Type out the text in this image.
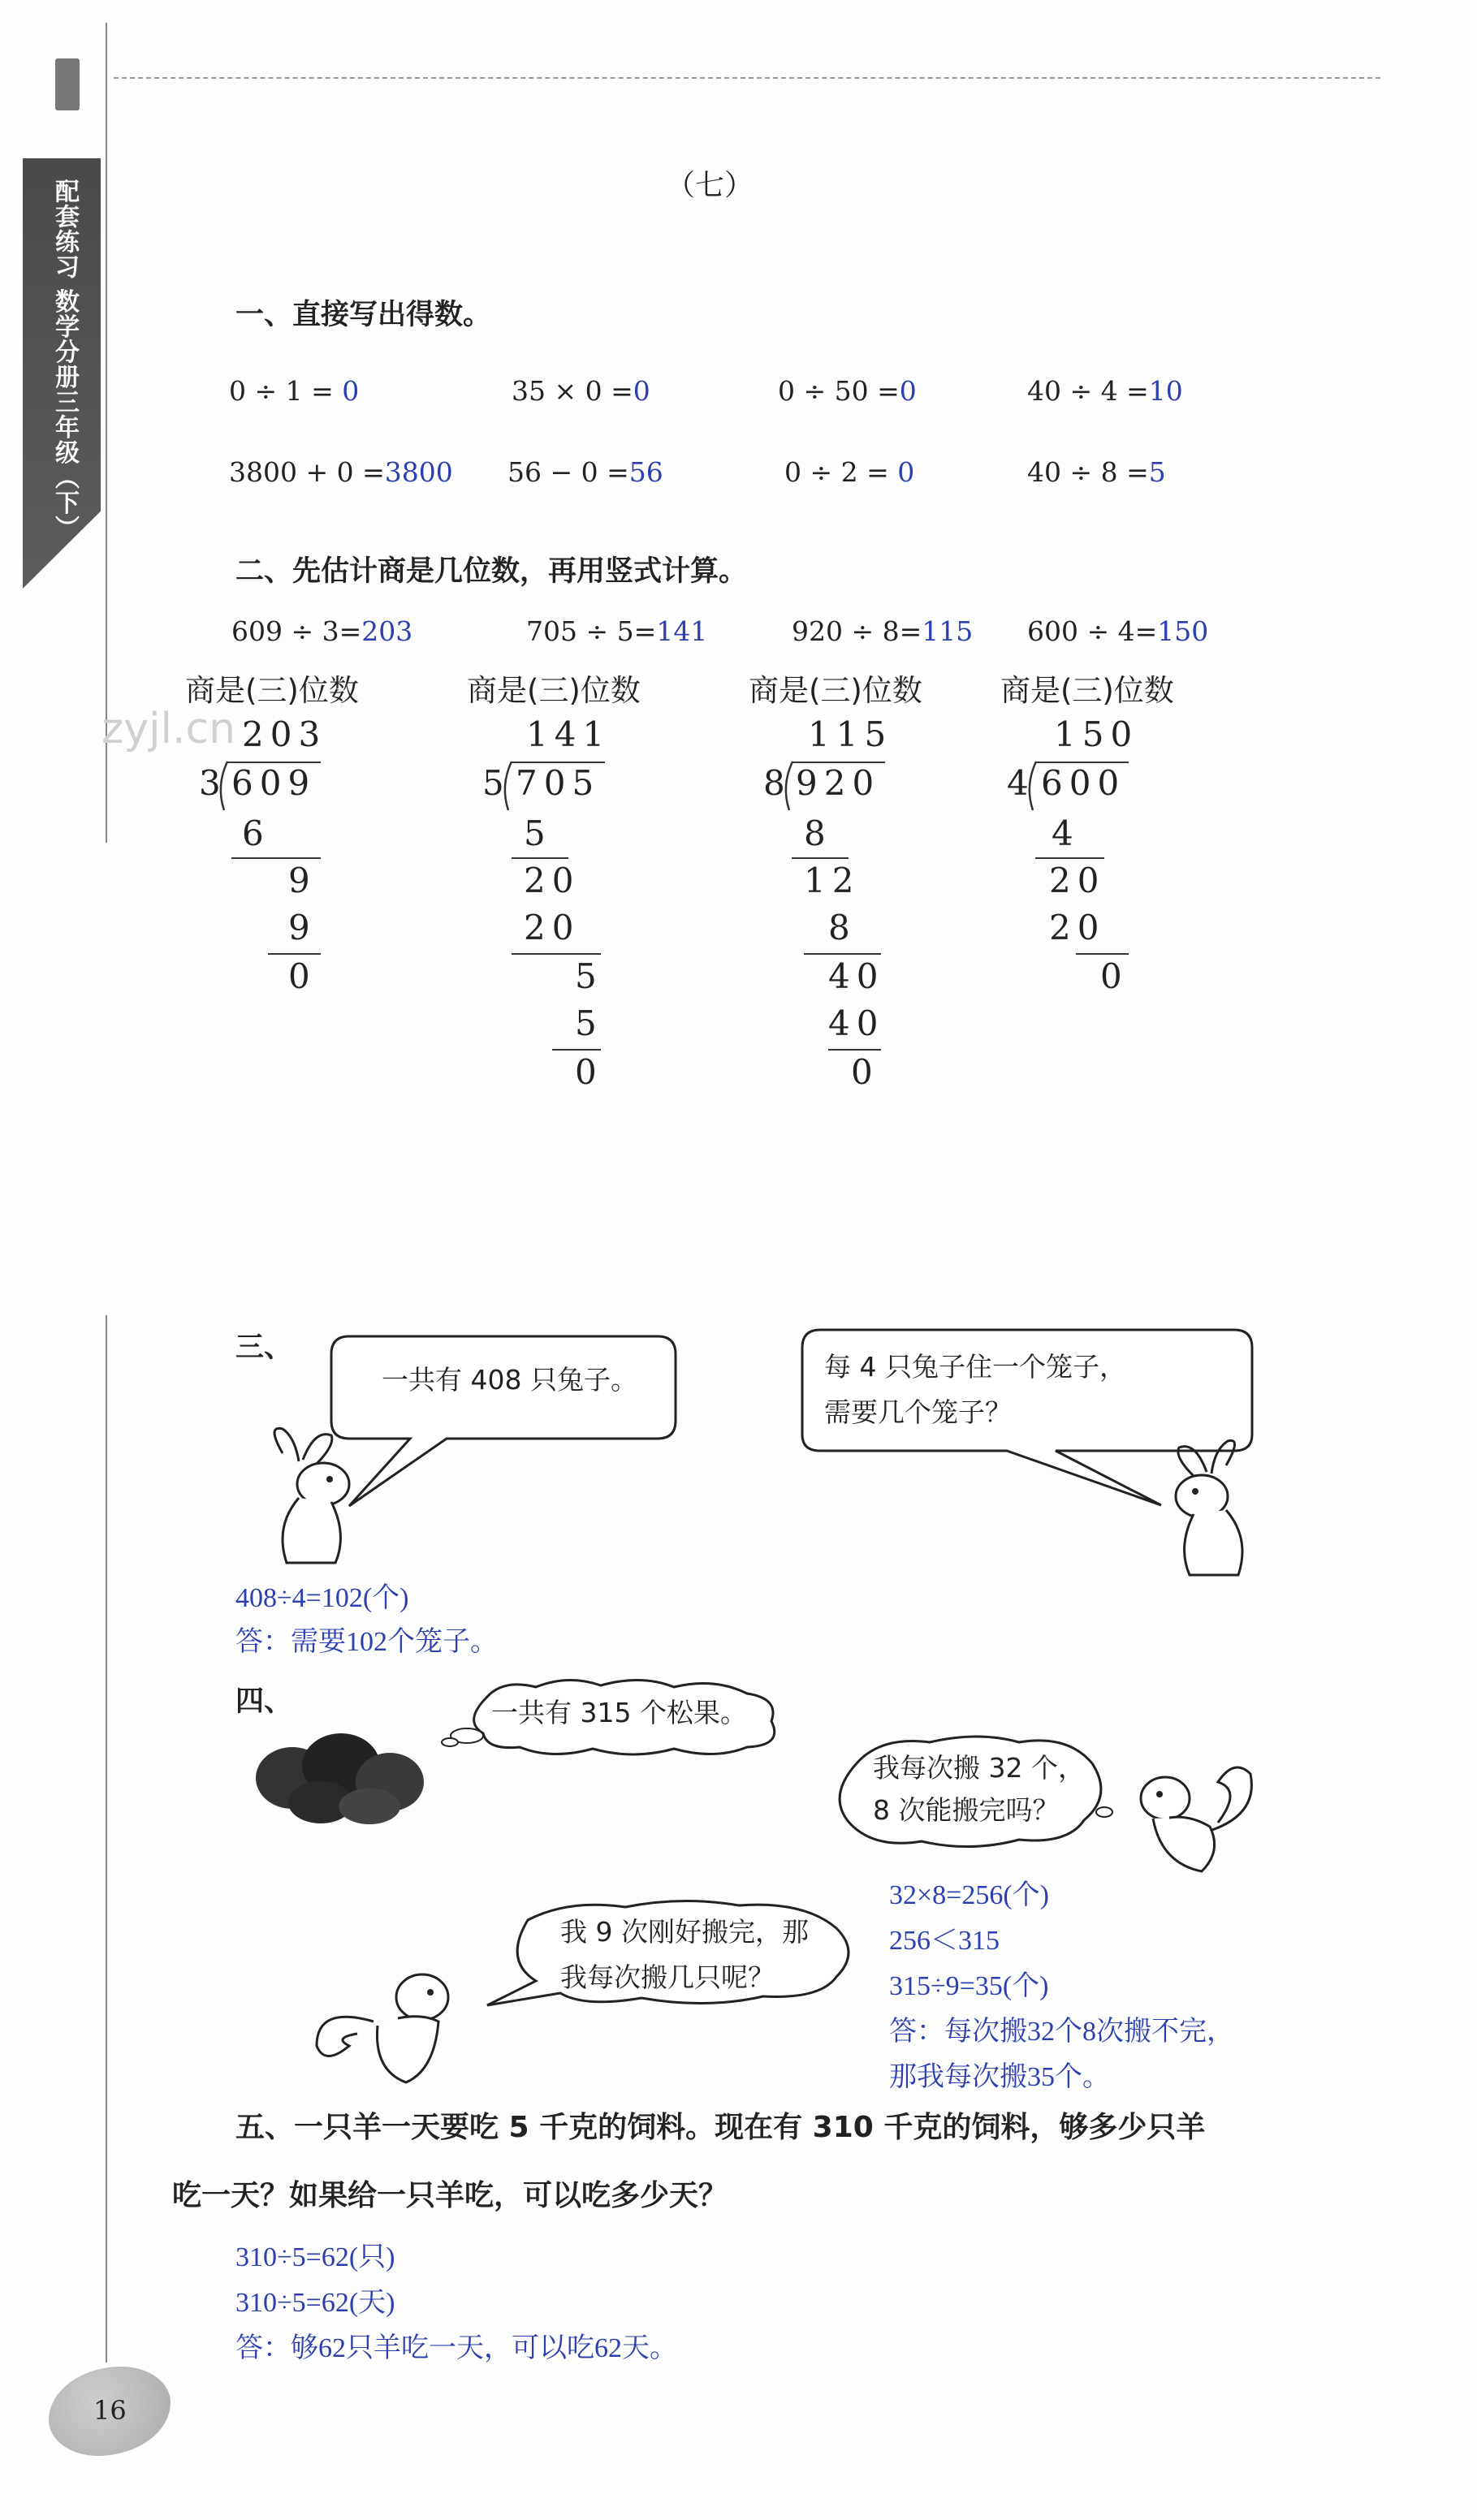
配套练习 数学分册三年级（下）
zyjl.cn
（七）
一、直接写出得数。
0 ÷ 1 = 0	35 × 0 =0	0 ÷ 50 =0	40 ÷ 4 =10
3800 + 0 =3800 56 − 0 =56	0 ÷ 2 = 0	40 ÷ 8 =5
二、先估计商是几位数，再用竖式计算。
609 ÷ 3=203	705 ÷ 5=141	920 ÷ 8=115 600 ÷ 4=150
商是(三)位数	商是(三)位数	商是(三)位数	商是(三)位数
203
3 609
6
9
9
0
141
5 705
5
20
20
5
5
0
115
8 920
8
12
8
40
40
0
150
4 600
4
20
20
0
三、
一共有 408 只兔子。	每 4 只兔子住一个笼子，
需要几个笼子？
408÷4=102(个)
答：需要102个笼子。
四、	一共有 315 个松果。
我每次搬 32 个，
8 次能搬完吗？
我 9 次刚好搬完，那
我每次搬几只呢？
32×8=256(个)
256＜315
315÷9=35(个)
答：每次搬32个8次搬不完，
那我每次搬35个。
五、一只羊一天要吃 5 千克的饲料。现在有 310 千克的饲料，够多少只羊
吃一天？如果给一只羊吃，可以吃多少天？
310÷5=62(只)
310÷5=62(天)
答：够62只羊吃一天，可以吃62天。
16
